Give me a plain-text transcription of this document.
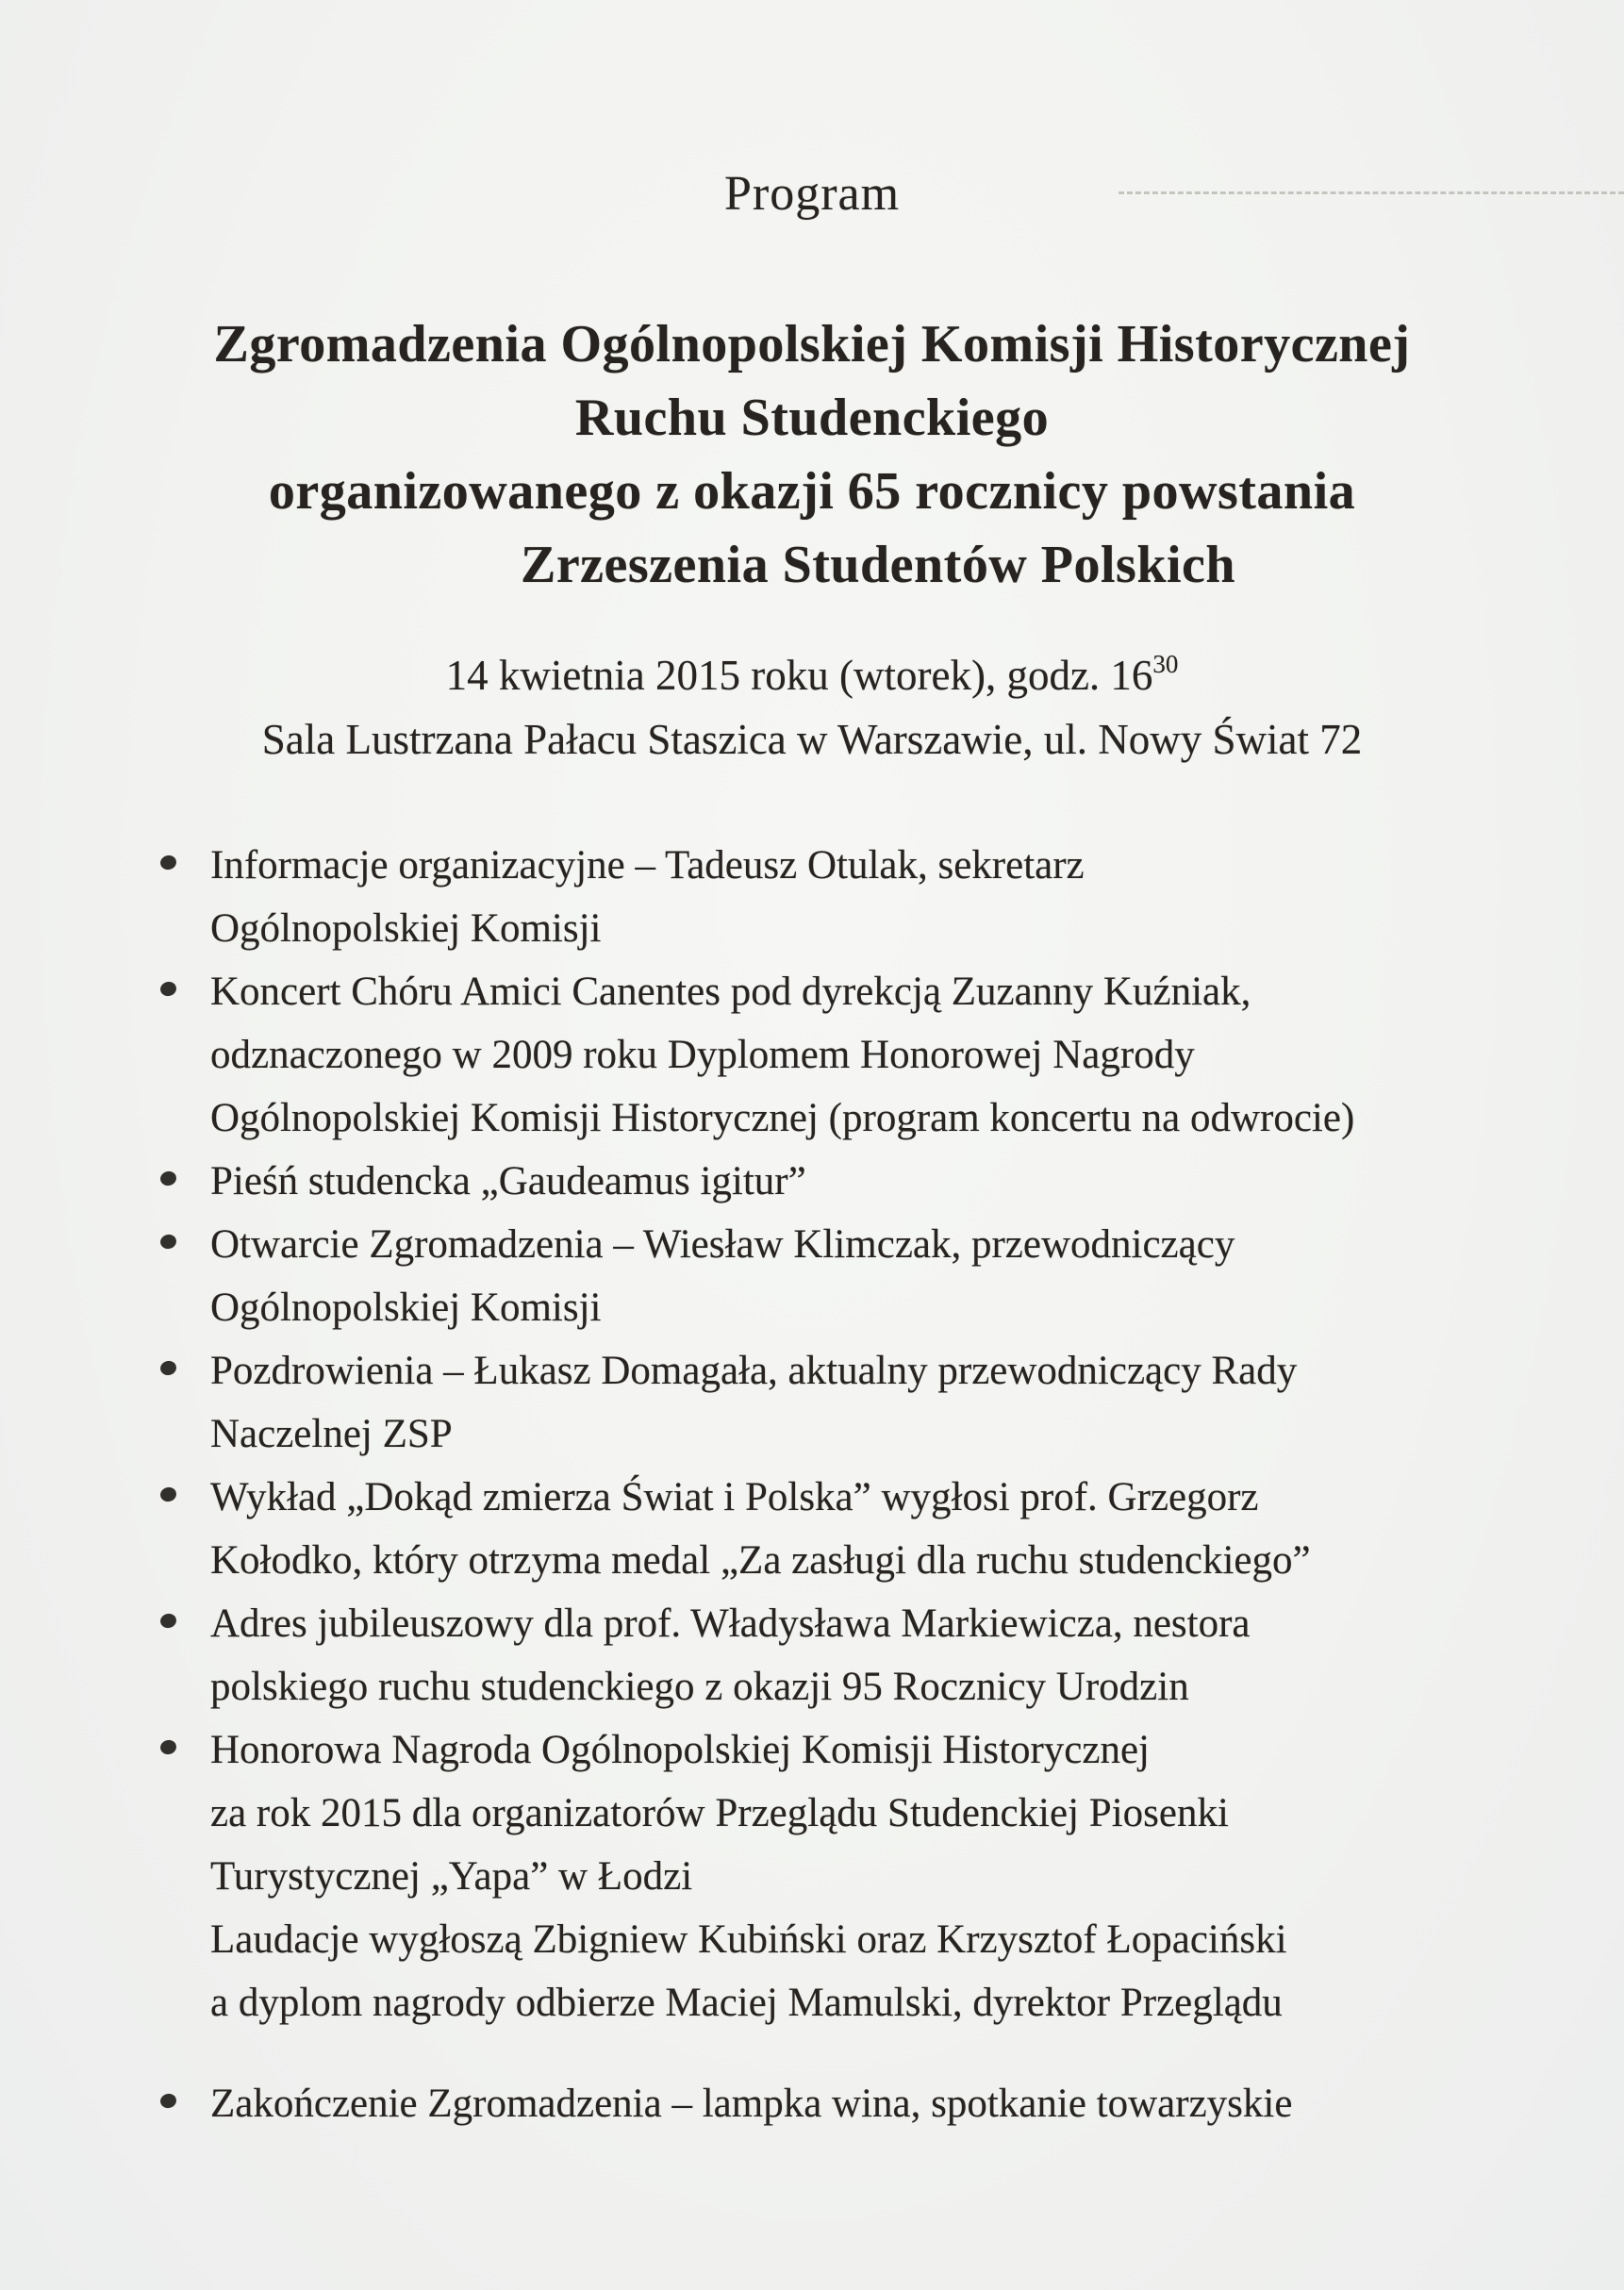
Program
Zgromadzenia Ogólnopolskiej Komisji Historycznej
Ruchu Studenckiego
organizowanego z okazji 65 rocznicy powstania
Zrzeszenia Studentów Polskich
14 kwietnia 2015 roku (wtorek), godz. $16^{30}$
Sala Lustrzana Pałacu Staszica w Warszawie, ul. Nowy Świat 72
Informacje organizacyjne – Tadeusz Otulak, sekretarz
Ogólnopolskiej Komisji
Koncert Chóru Amici Canentes pod dyrekcją Zuzanny Kuźniak,
odznaczonego w 2009 roku Dyplomem Honorowej Nagrody
Ogólnopolskiej Komisji Historycznej (program koncertu na odwrocie)
Pieśń studencka „Gaudeamus igitur”
Otwarcie Zgromadzenia – Wiesław Klimczak, przewodniczący
Ogólnopolskiej Komisji
Pozdrowienia – Łukasz Domagała, aktualny przewodniczący Rady
Naczelnej ZSP
Wykład „Dokąd zmierza Świat i Polska” wygłosi prof. Grzegorz
Kołodko, który otrzyma medal „Za zasługi dla ruchu studenckiego”
Adres jubileuszowy dla prof. Władysława Markiewicza, nestora
polskiego ruchu studenckiego z okazji 95 Rocznicy Urodzin
Honorowa Nagroda Ogólnopolskiej Komisji Historycznej
za rok 2015 dla organizatorów Przeglądu Studenckiej Piosenki
Turystycznej „Yapa” w Łodzi
Laudacje wygłoszą Zbigniew Kubiński oraz Krzysztof Łopaciński
a dyplom nagrody odbierze Maciej Mamulski, dyrektor Przeglądu
Zakończenie Zgromadzenia – lampka wina, spotkanie towarzyskie
